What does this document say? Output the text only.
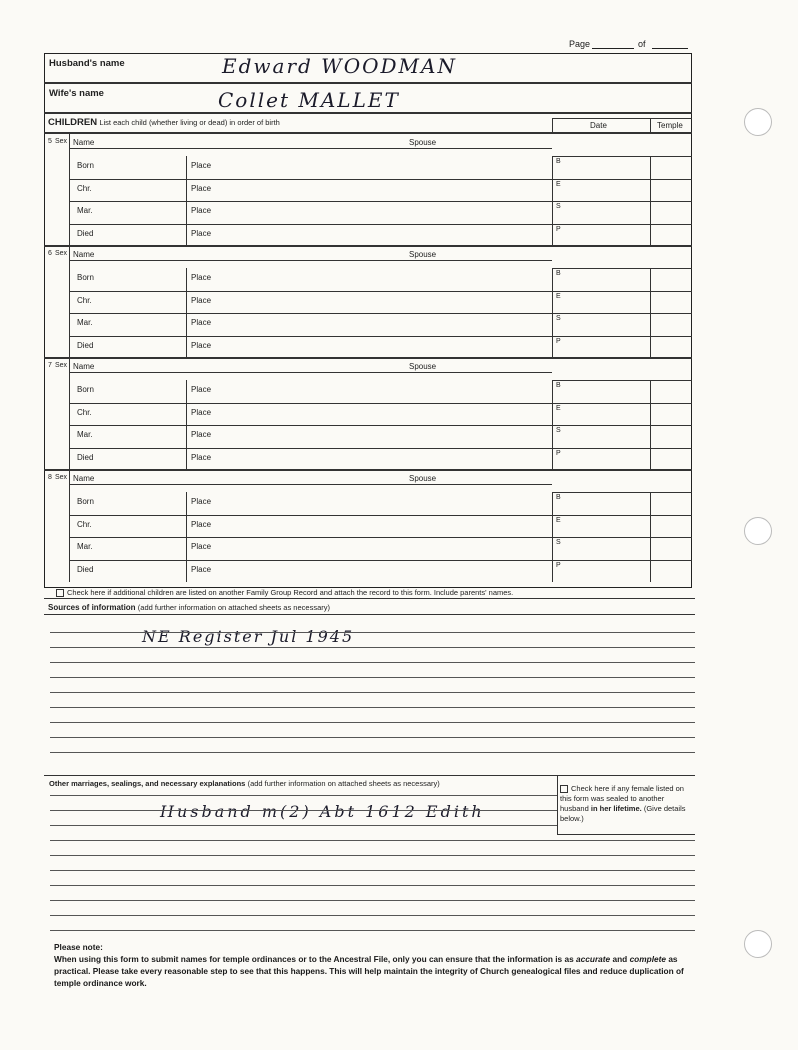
Page	of
Husband's name	Edward WOODMAN
Wife's name	Collet MALLET
CHILDREN List each child (whether living or dead) in order of birth	Date	Temple
5 Sex Name	Spouse
Born	Place	B
Chr.	Place	E
Mar.	Place	S
Died	Place	P
6 Sex Name	Spouse
Born	Place	B
Chr.	Place	E
Mar.	Place	S
Died	Place	P
7 Sex Name	Spouse
Born	Place	B
Chr.	Place	E
Mar.	Place	S
Died	Place	P
8 Sex Name	Spouse
Born	Place	B
Chr.	Place	E
Mar.	Place	S
Died	Place	P
Check here if additional children are listed on another Family Group Record and attach the record to this form. Include parents' names.
Sources of information (add further information on attached sheets as necessary)
NE Register Jul 1945
Other marriages, sealings, and necessary explanations (add further information on attached sheets as necessary)
Check here if any female listed on this form was sealed to another husband in her lifetime. (Give details below.)
Husband m(2) Abt 1612 Edith
Please note:
When using this form to submit names for temple ordinances or to the Ancestral File, only you can ensure that the information is as accurate and complete as practical. Please take every reasonable step to see that this happens. This will help maintain the integrity of Church genealogical files and reduce duplication of temple ordinance work.
